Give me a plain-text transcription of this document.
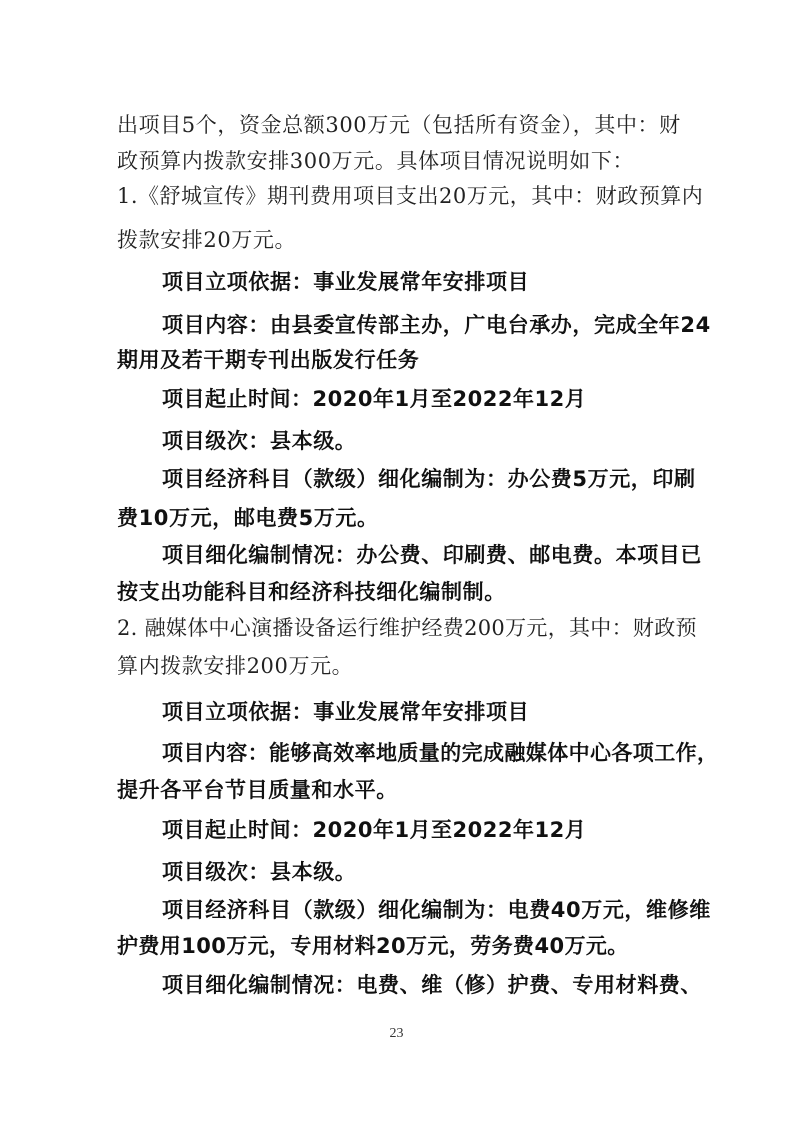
出项目5个，资金总额300万元（包括所有资金），其中：财
政预算内拨款安排300万元。具体项目情况说明如下：
1.《舒城宣传》期刊费用项目支出20万元，其中：财政预算内
拨款安排20万元。
项目立项依据：事业发展常年安排项目
项目内容：由县委宣传部主办，广电台承办，完成全年24
期用及若干期专刊出版发行任务
项目起止时间：2020年1月至2022年12月
项目级次：县本级。
项目经济科目（款级）细化编制为：办公费5万元，印刷
费10万元，邮电费5万元。
项目细化编制情况：办公费、印刷费、邮电费。本项目已
按支出功能科目和经济科技细化编制制。
2. 融媒体中心演播设备运行维护经费200万元，其中：财政预
算内拨款安排200万元。
项目立项依据：事业发展常年安排项目
项目内容：能够高效率地质量的完成融媒体中心各项工作，
提升各平台节目质量和水平。
项目起止时间：2020年1月至2022年12月
项目级次：县本级。
项目经济科目（款级）细化编制为：电费40万元，维修维
护费用100万元，专用材料20万元，劳务费40万元。
项目细化编制情况：电费、维（修）护费、专用材料费、
23
